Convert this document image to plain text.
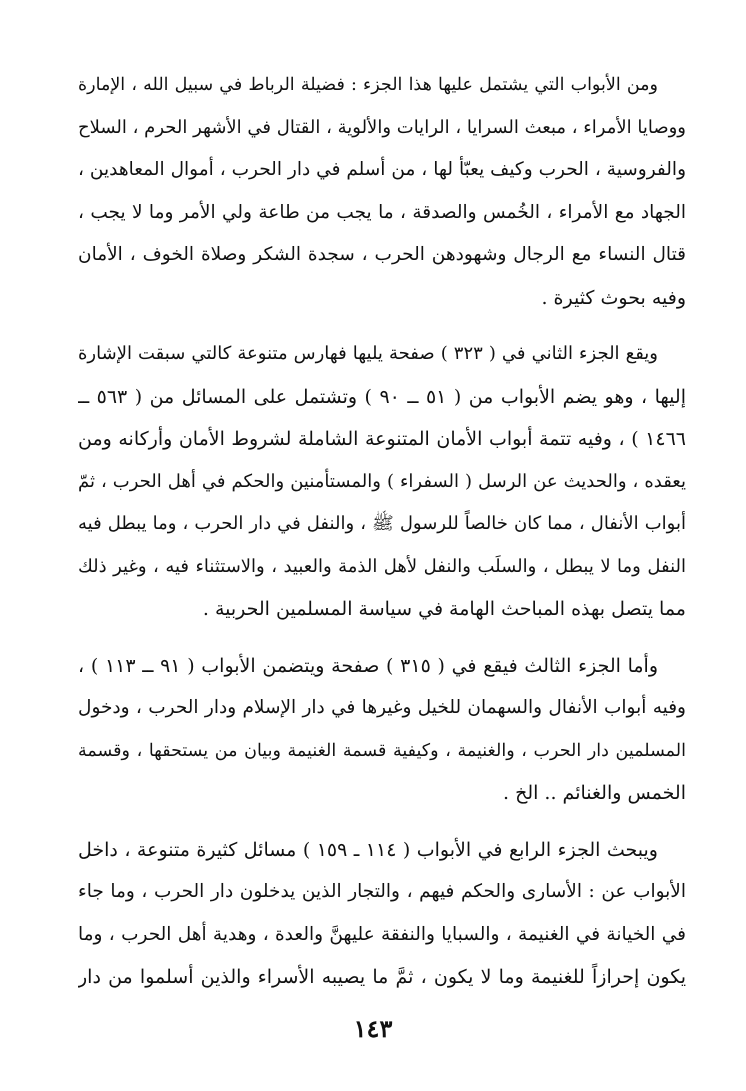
ومن الأبواب التي يشتمل عليها هذا الجزء : فضيلة الرباط في سبيل الله ، الإمارة
ووصايا الأمراء ، مبعث السرايا ، الرايات والألوية ، القتال في الأشهر الحرم ، السلاح
والفروسية ، الحرب وكيف يعبّأ لها ، من أسلم في دار الحرب ، أموال المعاهدين ،
الجهاد مع الأمراء ، الخُمس والصدقة ، ما يجب من طاعة ولي الأمر وما لا يجب ،
قتال النساء مع الرجال وشهودهن الحرب ، سجدة الشكر وصلاة الخوف ، الأمان
وفيه بحوث كثيرة .

ويقع الجزء الثاني في ( ٣٢٣ ) صفحة يليها فهارس متنوعة كالتي سبقت الإشارة
إليها ، وهو يضم الأبواب من ( ٥١ ــ ٩٠ ) وتشتمل على المسائل من ( ٥٦٣ ــ
١٤٦٦ ) ، وفيه تتمة أبواب الأمان المتنوعة الشاملة لشروط الأمان وأركانه ومن
يعقده ، والحديث عن الرسل ( السفراء ) والمستأمنين والحكم في أهل الحرب ، ثمّ
أبواب الأنفال ، مما كان خالصاً للرسول ﷺ ، والنفل في دار الحرب ، وما يبطل فيه
النفل وما لا يبطل ، والسلَب والنفل لأهل الذمة والعبيد ، والاستثناء فيه ، وغير ذلك
مما يتصل بهذه المباحث الهامة في سياسة المسلمين الحربية .

وأما الجزء الثالث فيقع في ( ٣١٥ ) صفحة ويتضمن الأبواب ( ٩١ ــ ١١٣ ) ،
وفيه أبواب الأنفال والسهمان للخيل وغيرها في دار الإسلام ودار الحرب ، ودخول
المسلمين دار الحرب ، والغنيمة ، وكيفية قسمة الغنيمة وبيان من يستحقها ، وقسمة
الخمس والغنائم .. الخ .

ويبحث الجزء الرابع في الأبواب ( ١١٤ ـ ١٥٩ ) مسائل كثيرة متنوعة ، داخل
الأبواب عن : الأسارى والحكم فيهم ، والتجار الذين يدخلون دار الحرب ، وما جاء
في الخيانة في الغنيمة ، والسبايا والنفقة عليهنَّ والعدة ، وهدية أهل الحرب ، وما
يكون إحرازاً للغنيمة وما لا يكون ، ثمَّ ما يصيبه الأسراء والذين أسلموا من دار

١٤٣
